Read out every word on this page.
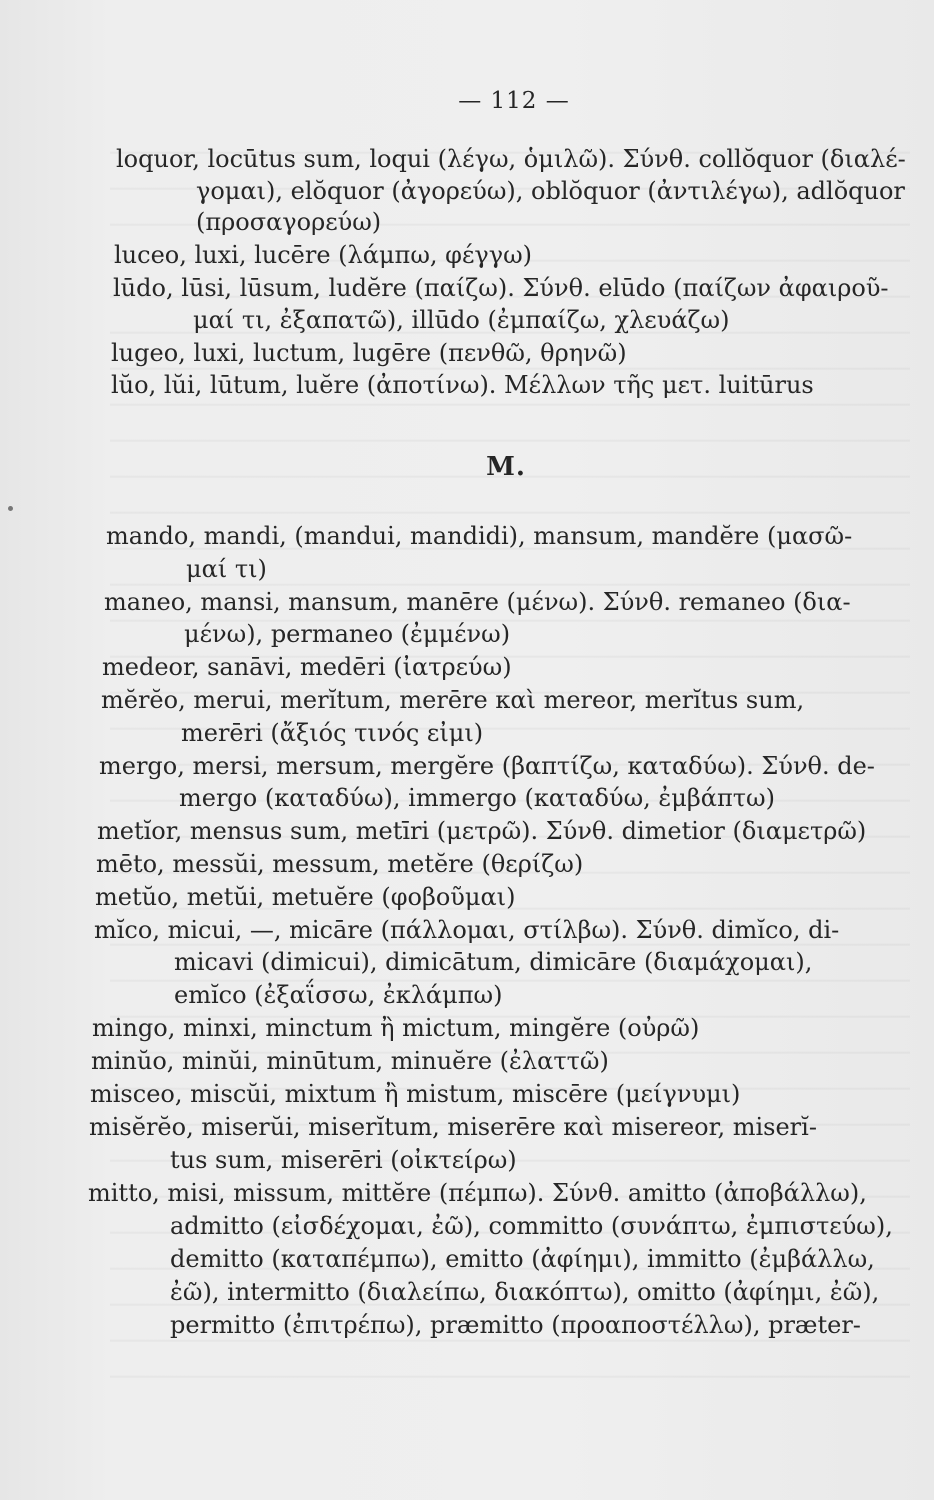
— 112 —
loquor, locūtus sum, loqui (λέγω, ὁμιλῶ). Σύνθ. collŏquor (διαλέ-
γομαι), elŏquor (ἀγορεύω), oblŏquor (ἀντιλέγω), adlŏquor
(προσαγορεύω)
luceo, luxi, lucēre (λάμπω, φέγγω)
lūdo, lūsi, lūsum, ludĕre (παίζω). Σύνθ. elūdo (παίζων ἀφαιροῦ-
μαί τι, ἐξαπατῶ), illūdo (ἐμπαίζω, χλευάζω)
lugeo, luxi, luctum, lugēre (πενθῶ, θρηνῶ)
lŭo, lŭi, lūtum, luĕre (ἀποτίνω). Μέλλων τῆς μετ. luitūrus
M.
mando, mandi, (mandui, mandidi), mansum, mandĕre (μασῶ-
μαί τι)
maneo, mansi, mansum, manēre (μένω). Σύνθ. remaneo (δια-
μένω), permaneo (ἐμμένω)
medeor, sanāvi, medēri (ἰατρεύω)
mĕrĕo, merui, merĭtum, merēre καὶ mereor, merĭtus sum,
merēri (ἄξιός τινός εἰμι)
mergo, mersi, mersum, mergĕre (βαπτίζω, καταδύω). Σύνθ. de-
mergo (καταδύω), immergo (καταδύω, ἐμβάπτω)
metĭor, mensus sum, metīri (μετρῶ). Σύνθ. dimetior (διαμετρῶ)
mēto, messŭi, messum, metĕre (θερίζω)
metŭo, metŭi, metuĕre (φοβοῦμαι)
mĭco, micui, —, micāre (πάλλομαι, στίλβω). Σύνθ. dimĭco, di-
micavi (dimicui), dimicātum, dimicāre (διαμάχομαι),
emĭco (ἐξαΐσσω, ἐκλάμπω)
mingo, minxi, minctum ἢ mictum, mingĕre (οὐρῶ)
minŭo, minŭi, minūtum, minuĕre (ἐλαττῶ)
misceo, miscŭi, mixtum ἢ mistum, miscēre (μείγνυμι)
misĕrĕo, miserŭi, miserĭtum, miserēre καὶ misereor, miserĭ-
tus sum, miserēri (οἰκτείρω)
mitto, misi, missum, mittĕre (πέμπω). Σύνθ. amitto (ἀποβάλλω),
admitto (εἰσδέχομαι, ἐῶ), committo (συνάπτω, ἐμπιστεύω),
demitto (καταπέμπω), emitto (ἀφίημι), immitto (ἐμβάλλω,
ἐῶ), intermitto (διαλείπω, διακόπτω), omitto (ἀφίημι, ἐῶ),
permitto (ἐπιτρέπω), præmitto (προαποστέλλω), præter-
